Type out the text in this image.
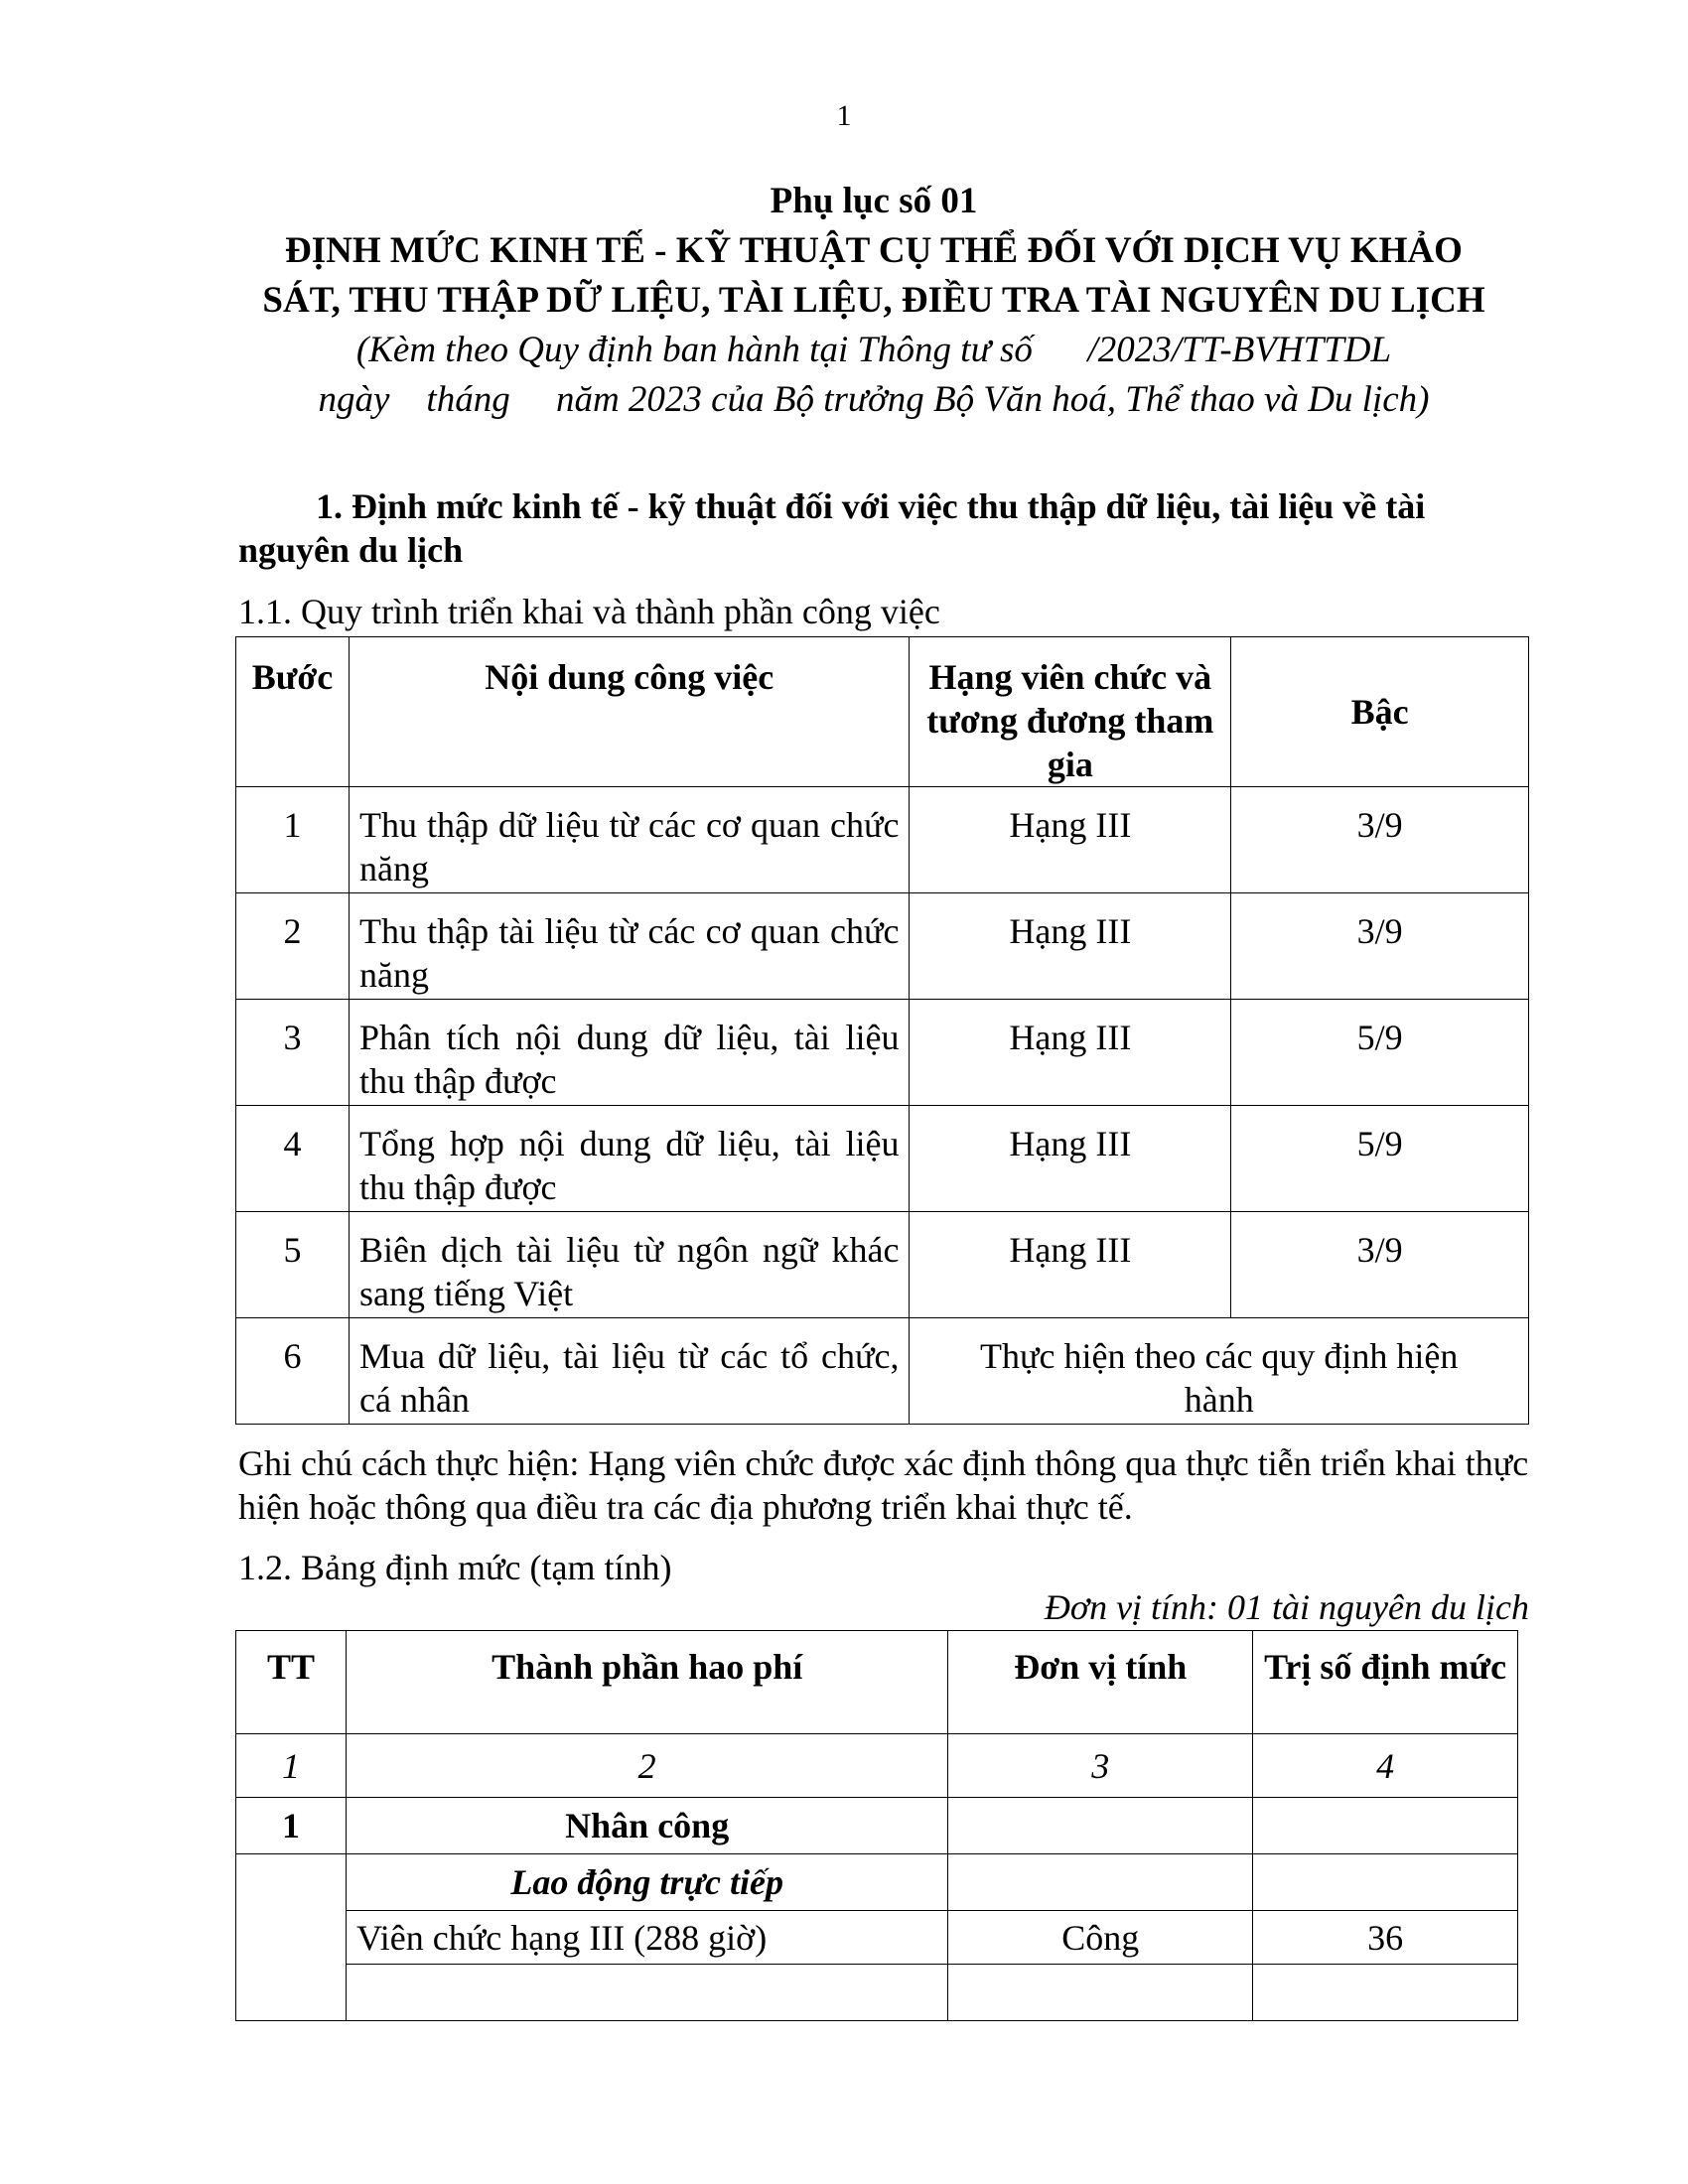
1
Phụ lục số 01
ĐỊNH MỨC KINH TẾ - KỸ THUẬT CỤ THỂ ĐỐI VỚI DỊCH VỤ KHẢO
SÁT, THU THẬP DỮ LIỆU, TÀI LIỆU, ĐIỀU TRA TÀI NGUYÊN DU LỊCH
(Kèm theo Quy định ban hành tại Thông tư số      /2023/TT-BVHTTDL
ngày    tháng     năm 2023 của Bộ trưởng Bộ Văn hoá, Thể thao và Du lịch)
1. Định mức kinh tế - kỹ thuật đối với việc thu thập dữ liệu, tài liệu về tài
nguyên du lịch
1.1. Quy trình triển khai và thành phần công việc
Bước	Nội dung công việc	Hạng viên chức và tương đương tham gia	Bậc
1	Thu thập dữ liệu từ các cơ quan chức năng	Hạng III	3/9
2	Thu thập tài liệu từ các cơ quan chức năng	Hạng III	3/9
3	Phân tích nội dung dữ liệu, tài liệu thu thập được	Hạng III	5/9
4	Tổng hợp nội dung dữ liệu, tài liệu thu thập được	Hạng III	5/9
5	Biên dịch tài liệu từ ngôn ngữ khác sang tiếng Việt	Hạng III	3/9
6	Mua dữ liệu, tài liệu từ các tổ chức, cá nhân	Thực hiện theo các quy định hiện hành	
Ghi chú cách thực hiện: Hạng viên chức được xác định thông qua thực tiễn triển khai thực hiện hoặc thông qua điều tra các địa phương triển khai thực tế.
1.2. Bảng định mức (tạm tính)
Đơn vị tính: 01 tài nguyên du lịch
TT	Thành phần hao phí	Đơn vị tính	Trị số định mức
1	2	3	4
1	Nhân công		
	Lao động trực tiếp		
	Viên chức hạng III (288 giờ)	Công	36
